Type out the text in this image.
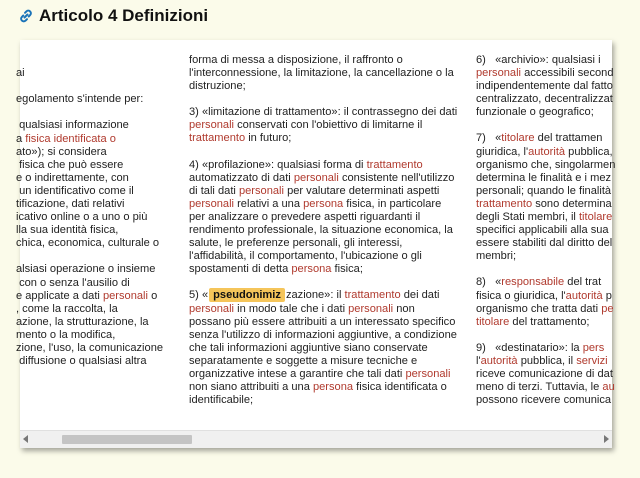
Articolo 4 Definizioni
ai
egolamento s'intende per:
qualsiasi informazione
a fisica identificata o
ato»); si considera
fisica che può essere
e o indirettamente, con
un identificativo come il
tificazione, dati relativi
icativo online o a uno o più
lla sua identità fisica,
chica, economica, culturale o
alsiasi operazione o insieme
con o senza l'ausilio di
e applicate a dati personali o
, come la raccolta, la
azione, la strutturazione, la
mento o la modifica,
zione, l'uso, la comunicazione
diffusione o qualsiasi altra

forma di messa a disposizione, il raffronto o l'interconnessione, la limitazione, la cancellazione o la distruzione;

3) «limitazione di trattamento»: il contrassegno dei dati personali conservati con l'obiettivo di limitarne il trattamento in futuro;

4) «profilazione»: qualsiasi forma di trattamento automatizzato di dati personali consistente nell'utilizzo di tali dati personali per valutare determinati aspetti personali relativi a una persona fisica, in particolare per analizzare o prevedere aspetti riguardanti il rendimento professionale, la situazione economica, la salute, le preferenze personali, gli interessi, l'affidabilità, il comportamento, l'ubicazione o gli spostamenti di detta persona fisica;

5) « pseudonimiz zazione»: il trattamento dei dati personali in modo tale che i dati personali non possano più essere attribuiti a un interessato specifico senza l'utilizzo di informazioni aggiuntive, a condizione che tali informazioni aggiuntive siano conservate separatamente e soggette a misure tecniche e organizzative intese a garantire che tali dati personali non siano attribuiti a una persona fisica identificata o identificabile;

6)   «archivio»: qualsiasi i
personali accessibili second
indipendentemente dal fatto
centralizzato, decentralizzat
funzionale o geografico;
7)   «titolare del trattamen
giuridica, l'autorità pubblica,
organismo che, singolarmen
determina le finalità e i mez
personali; quando le finalità
trattamento sono determina
degli Stati membri, il titolare
specifici applicabili alla sua
essere stabiliti dal diritto del
membri;
8)   «responsabile del trat
fisica o giuridica, l'autorità p
organismo che tratta dati pe
titolare del trattamento;
9)   «destinatario»: la pers
l'autorità pubblica, il servizi
riceve comunicazione di dat
meno di terzi. Tuttavia, le au
possono ricevere comunica
